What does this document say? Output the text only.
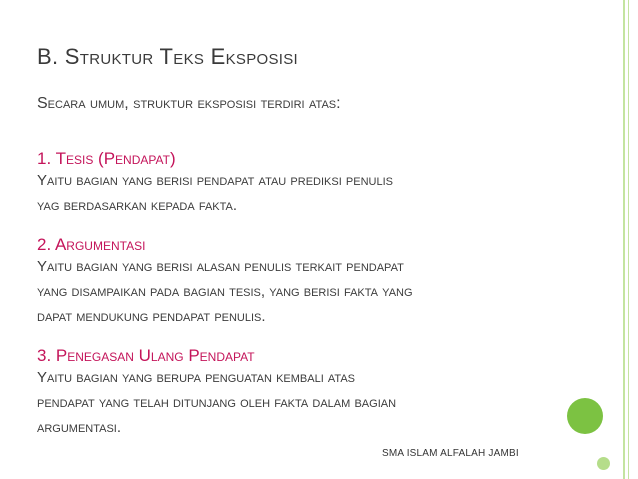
B. Struktur Teks Eksposisi
Secara umum, struktur eksposisi terdiri atas:
1. Tesis (Pendapat)
Yaitu bagian yang berisi pendapat atau prediksi penulis
yag berdasarkan kepada fakta.
2. Argumentasi
Yaitu bagian yang berisi alasan penulis terkait pendapat
yang disampaikan pada bagian tesis, yang berisi fakta yang
dapat mendukung pendapat penulis.
3. Penegasan Ulang Pendapat
Yaitu bagian yang berupa penguatan kembali atas
pendapat yang telah ditunjang oleh fakta dalam bagian
argumentasi.
SMA ISLAM ALFALAH JAMBI
